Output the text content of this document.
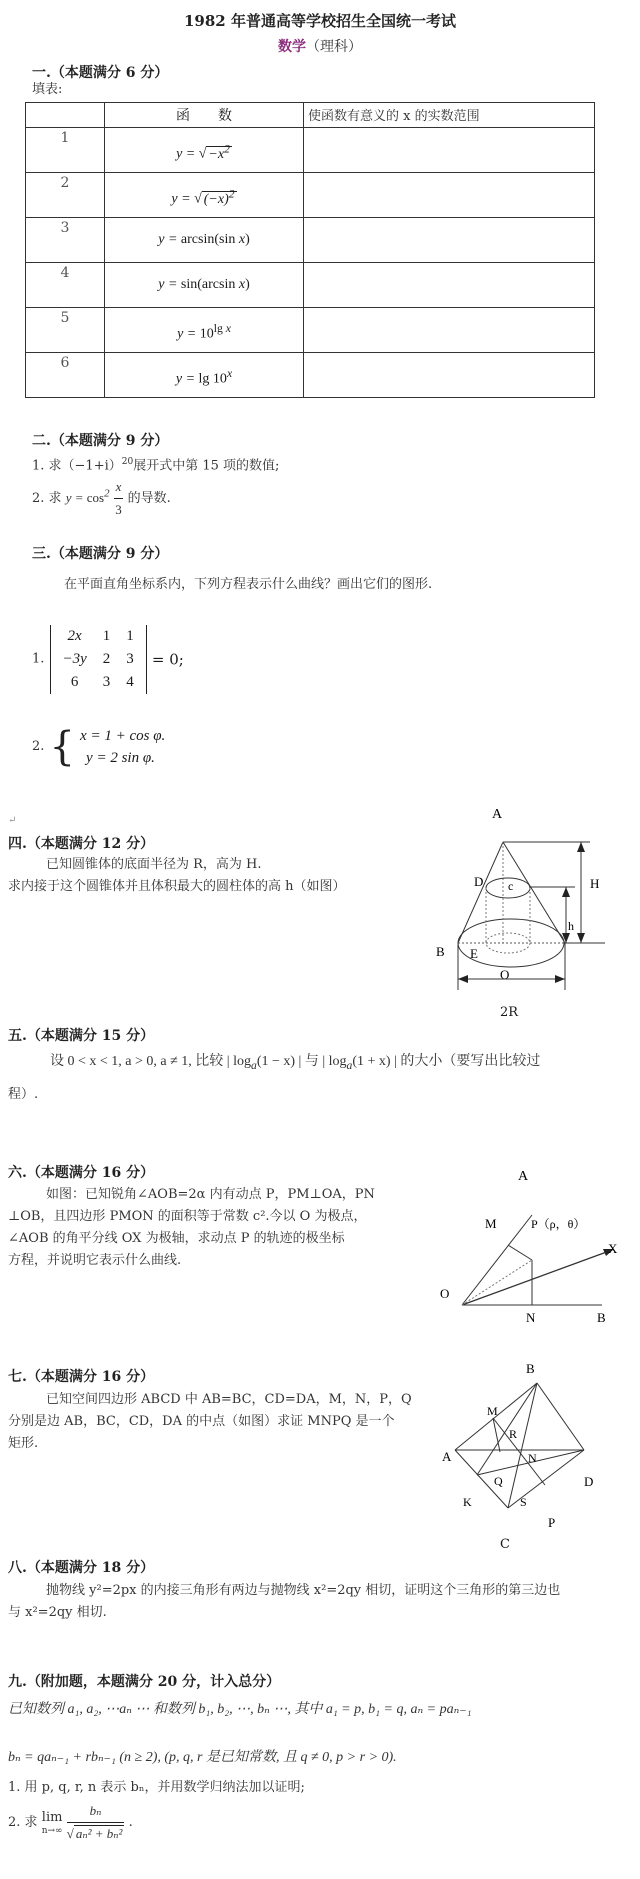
1982 年普通高等学校招生全国统一考试
数学（理科）
一.（本题满分 6 分）
填表:
	函　　数	使函数有意义的 x 的实数范围
1	y = √ $-x^2$

2	y = √ $(-x)^2$

3	y = arcsin(sin x)	

4	y = sin(arcsin x)	

5	$y = 10^{lg x}$

6	y = lg 10$^x$

二.（本题满分 9 分）
1. 求$(-1+i)^{20}$展开式中第 15 项的数值;
2. 求 $y = \cos^2 \frac{x}{3}$ 的导数.
三.（本题满分 9 分）
在平面直角坐标系内，下列方程表示什么曲线？画出它们的图形.
1.
2x	1	1
−3y	2	3
6	3	4
= 0;
2. { x = 1 + cos φ.
y = 2 sin φ.
↵
四.（本题满分 12 分）
已知圆锥体的底面半径为 R，高为 H.
求内接于这个圆锥体并且体积最大的圆柱体的高 h（如图）
A
H
h
D c
B E
O
2R
五.（本题满分 15 分）
设 0 < x < 1, a > 0, a ≠ 1, 比较 | $\log_a(1 - x)$ | 与 | $\log_a(1 + x)$ | 的大小（要写出比较过
程）.
六.（本题满分 16 分）
如图：已知锐角∠AOB=2α 内有动点 P，PM⊥OA，PN
⊥OB，且四边形 PMON 的面积等于常数 c².今以 O 为极点，
∠AOB 的角平分线 OX 为极轴，求动点 P 的轨迹的极坐标
方程，并说明它表示什么曲线.
A
M	P（ρ，θ）
X
O
N	B
七.（本题满分 16 分）
已知空间四边形 ABCD 中 AB=BC，CD=DA，M，N，P，Q
分别是边 AB，BC，CD，DA 的中点（如图）求证 MNPQ 是一个
矩形.
B
M
R
N
A
Q	D
K	S
P
C
八.（本题满分 18 分）
抛物线 y²=2px 的内接三角形有两边与抛物线 x²=2qy 相切，证明这个三角形的第三边也
与 x²=2qy 相切.
九.（附加题，本题满分 20 分，计入总分）
已知数列 a₁, a₂, ⋯aₙ ⋯ 和数列 b₁, b₂, ⋯, bₙ ⋯, 其中 a₁ = p, b₁ = q, aₙ = paₙ₋₁
bₙ = qaₙ₋₁ + rbₙ₋₁ (n ≥ 2), (p, q, r 是已知常数, 且 q ≠ 0, p > r > 0).
1. 用 p, q, r, n 表示 bₙ，并用数学归纳法加以证明;
2. 求 lim
n→∞
$\frac{\text{bₙ}}{\text{√ aₙ² + bₙ²}}$ .
